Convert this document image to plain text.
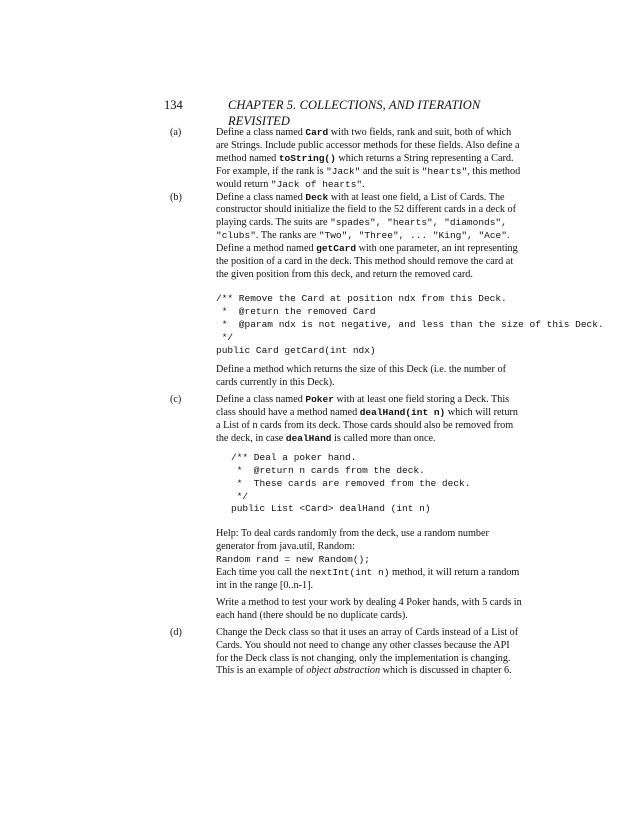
134	CHAPTER 5. COLLECTIONS, AND ITERATION REVISITED
(a)	Define a class named Card with two fields, rank and suit, both of which are Strings. Include public accessor methods for these fields. Also define a method named toString() which returns a String representing a Card. For example, if the rank is "Jack" and the suit is "hearts", this method would return "Jack of hearts".

(b)	Define a class named Deck with at least one field, a List of Cards. The constructor should initialize the field to the 52 different cards in a deck of playing cards. The suits are "spades", "hearts", "diamonds", "clubs". The ranks are "Two", "Three", ... "King", "Ace".

Define a method named getCard with one parameter, an int representing the position of a card in the deck. This method should remove the card at the given position from this deck, and return the removed card.

/** Remove the Card at position ndx from this Deck.
*  @return the removed Card
*  @param ndx is not negative, and less than the size of this Deck.
*/
public Card getCard(int ndx)

Define a method which returns the size of this Deck (i.e. the number of cards currently in this Deck).

(c)	Define a class named Poker with at least one field storing a Deck. This class should have a method named dealHand(int n) which will return a List of n cards from its deck. Those cards should also be removed from the deck, in case dealHand is called more than once.

/** Deal a poker hand.
*  @return n cards from the deck.
*  These cards are removed from the deck.
*/
public List <Card> dealHand (int n)

Help: To deal cards randomly from the deck, use a random number generator from java.util, Random:

Random rand = new Random();

Each time you call the nextInt(int n) method, it will return a random int in the range [0..n-1].

Write a method to test your work by dealing 4 Poker hands, with 5 cards in each hand (there should be no duplicate cards).

(d)	Change the Deck class so that it uses an array of Cards instead of a List of Cards. You should not need to change any other classes because the API for the Deck class is not changing, only the implementation is changing. This is an example of object abstraction which is discussed in chapter 6.
